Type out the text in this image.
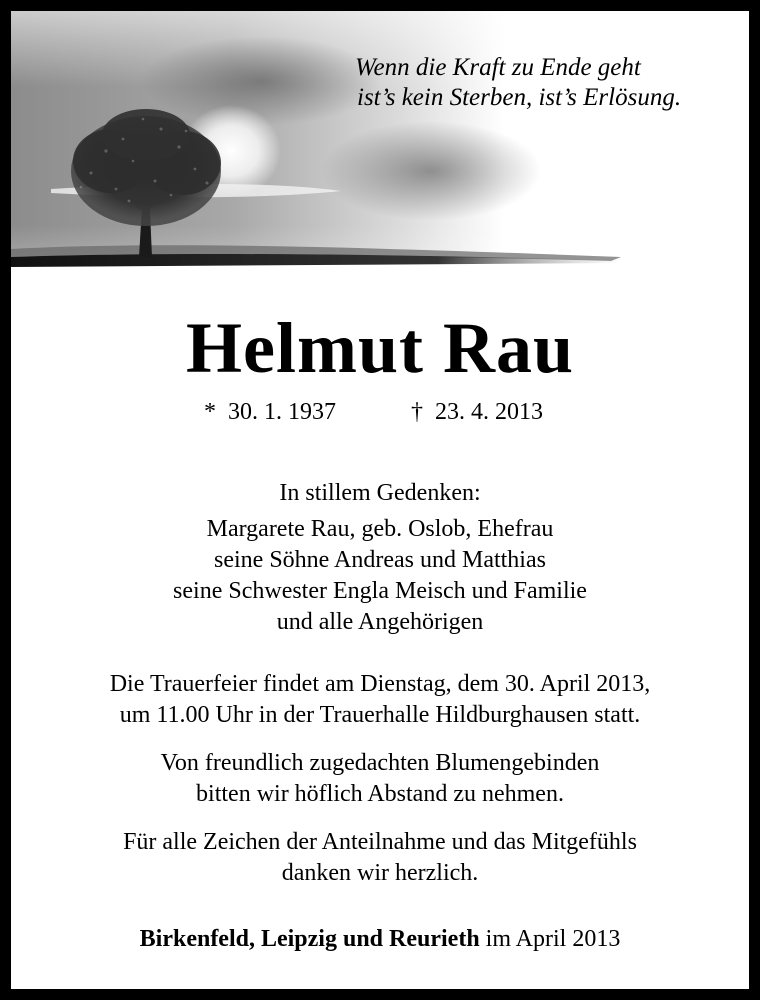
Wenn die Kraft zu Ende geht
ist’s kein Sterben, ist’s Erlösung.
Helmut Rau
* 30. 1. 1937	† 23. 4. 2013
In stillem Gedenken:
Margarete Rau, geb. Oslob, Ehefrau
seine Söhne Andreas und Matthias
seine Schwester Engla Meisch und Familie
und alle Angehörigen
Die Trauerfeier findet am Dienstag, dem 30. April 2013,
um 11.00 Uhr in der Trauerhalle Hildburghausen statt.
Von freundlich zugedachten Blumengebinden
bitten wir höflich Abstand zu nehmen.
Für alle Zeichen der Anteilnahme und das Mitgefühls
danken wir herzlich.
Birkenfeld, Leipzig und Reurieth im April 2013
